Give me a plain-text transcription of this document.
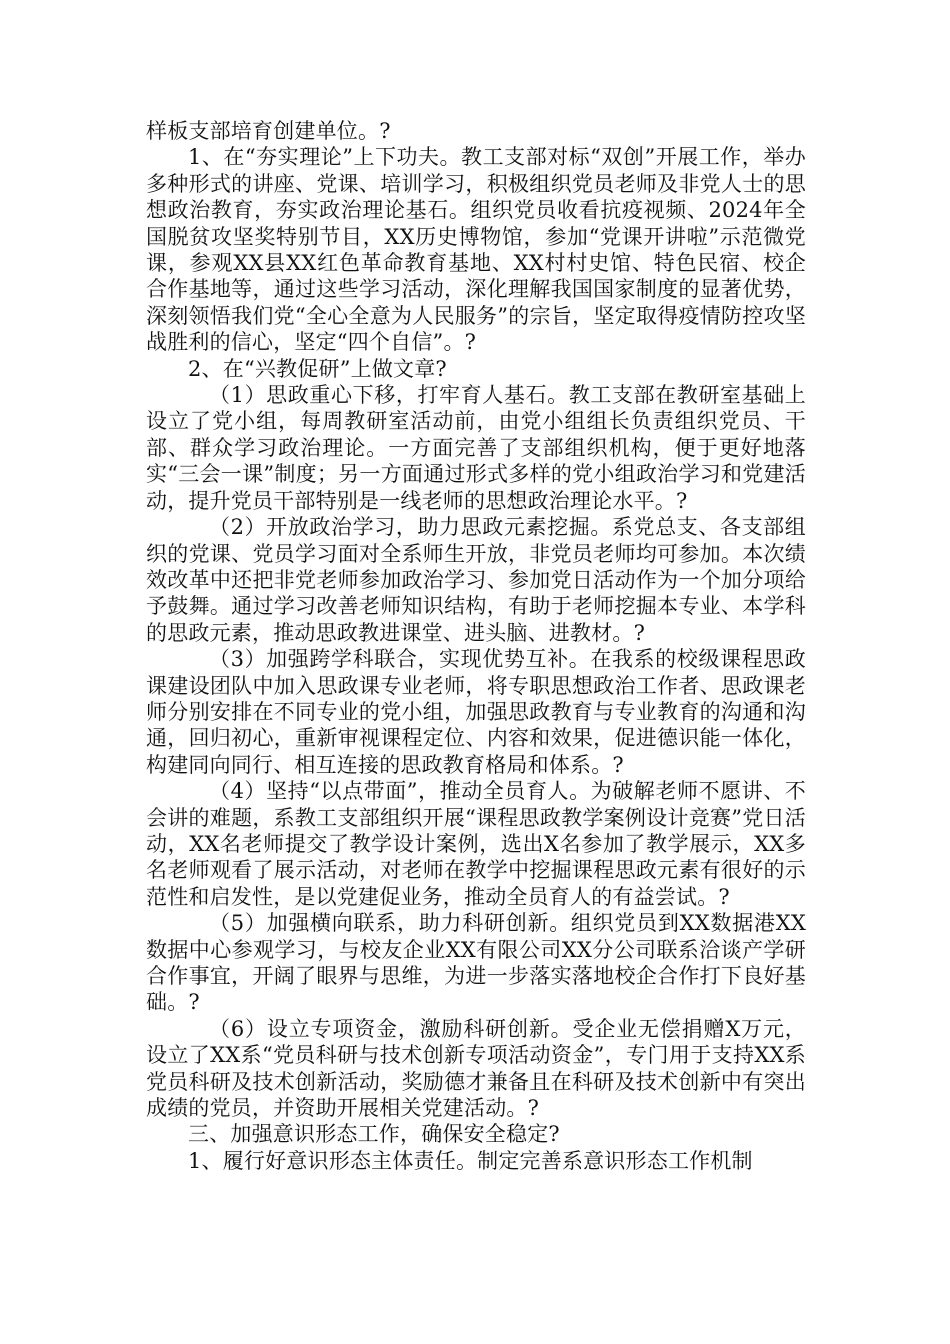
样板支部培育创建单位。?

1、在“夯实理论”上下功夫。教工支部对标“双创”开展工作，举办多种形式的讲座、党课、培训学习，积极组织党员老师及非党人士的思想政治教育，夯实政治理论基石。组织党员收看抗疫视频、2024年全国脱贫攻坚奖特别节目，XX历史博物馆，参加“党课开讲啦”示范微党课，参观XX县XX红色革命教育基地、XX村村史馆、特色民宿、校企合作基地等，通过这些学习活动，深化理解我国国家制度的显著优势，深刻领悟我们党“全心全意为人民服务”的宗旨，坚定取得疫情防控攻坚战胜利的信心，坚定“四个自信”。?

2、在“兴教促研”上做文章?

（1）思政重心下移，打牢育人基石。教工支部在教研室基础上设立了党小组，每周教研室活动前，由党小组组长负责组织党员、干部、群众学习政治理论。一方面完善了支部组织机构，便于更好地落实“三会一课”制度；另一方面通过形式多样的党小组政治学习和党建活动，提升党员干部特别是一线老师的思想政治理论水平。?

（2）开放政治学习，助力思政元素挖掘。系党总支、各支部组织的党课、党员学习面对全系师生开放，非党员老师均可参加。本次绩效改革中还把非党老师参加政治学习、参加党日活动作为一个加分项给予鼓舞。通过学习改善老师知识结构，有助于老师挖掘本专业、本学科的思政元素，推动思政教进课堂、进头脑、进教材。?

（3）加强跨学科联合，实现优势互补。在我系的校级课程思政课建设团队中加入思政课专业老师，将专职思想政治工作者、思政课老师分别安排在不同专业的党小组，加强思政教育与专业教育的沟通和沟通，回归初心，重新审视课程定位、内容和效果，促进德识能一体化，构建同向同行、相互连接的思政教育格局和体系。?

（4）坚持“以点带面”，推动全员育人。为破解老师不愿讲、不会讲的难题，系教工支部组织开展“课程思政教学案例设计竞赛”党日活动，XX名老师提交了教学设计案例，选出X名参加了教学展示，XX多名老师观看了展示活动，对老师在教学中挖掘课程思政元素有很好的示范性和启发性，是以党建促业务，推动全员育人的有益尝试。?

（5）加强横向联系，助力科研创新。组织党员到XX数据港XX数据中心参观学习，与校友企业XX有限公司XX分公司联系洽谈产学研合作事宜，开阔了眼界与思维，为进一步落实落地校企合作打下良好基础。?

（6）设立专项资金，激励科研创新。受企业无偿捐赠X万元，设立了XX系“党员科研与技术创新专项活动资金”，专门用于支持XX系党员科研及技术创新活动，奖励德才兼备且在科研及技术创新中有突出成绩的党员，并资助开展相关党建活动。?

三、加强意识形态工作，确保安全稳定?

1、履行好意识形态主体责任。制定完善系意识形态工作机制
